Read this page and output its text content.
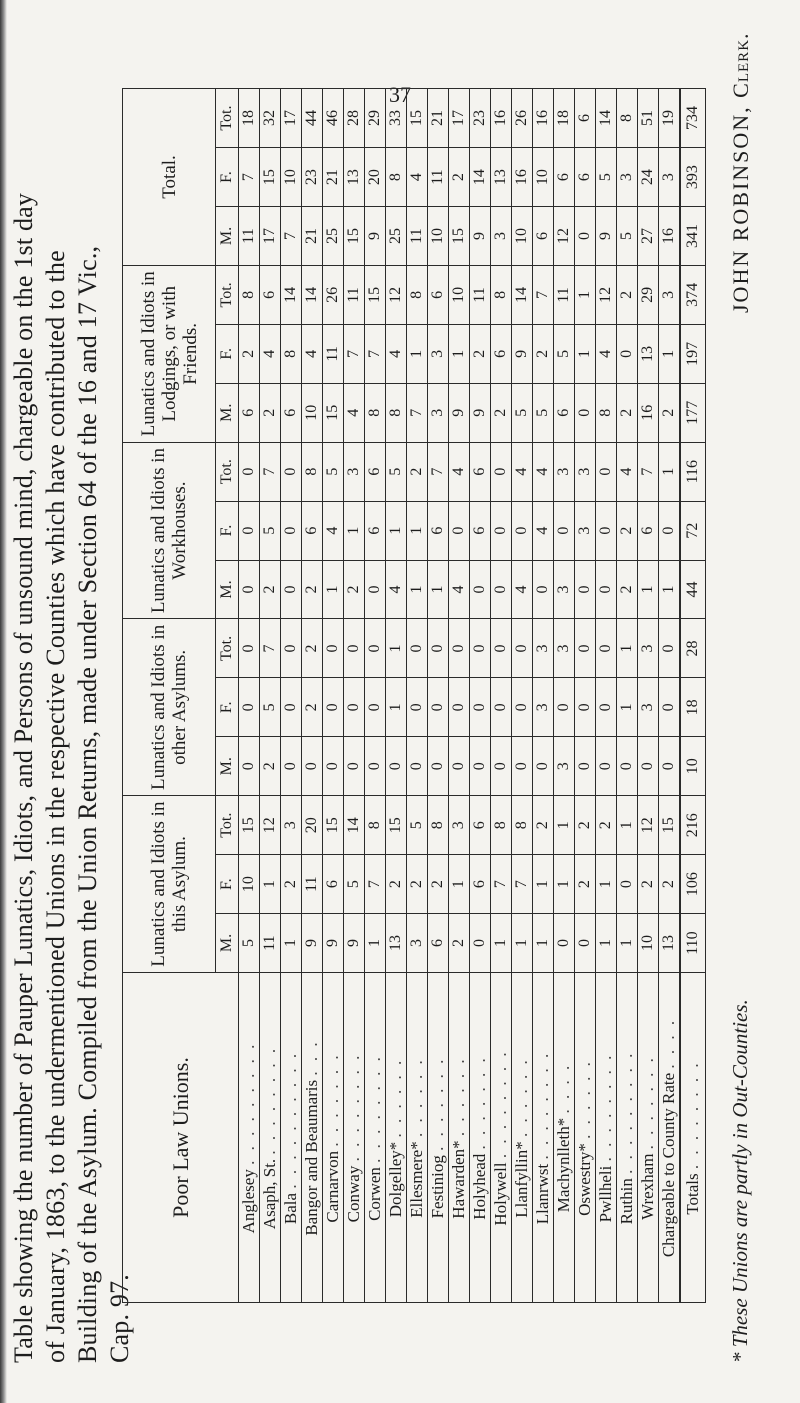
37
Table showing the number of Pauper Lunatics, Idiots, and Persons of unsound mind, chargeable on the 1st day of January, 1863, to the undermentioned Unions in the respective Counties which have contributed to the Building of the Asylum. Compiled from the Union Returns, made under Section 64 of the 16 and 17 Vic., Cap. 97.
Poor Law Unions.	Lunatics and Idiots in this Asylum.			Lunatics and Idiots in other Asylums.			Lunatics and Idiots in Workhouses.			Lunatics and Idiots in Lodgings, or with Friends.			Total.		
	M.	F.	Tot.	M.	F.	Tot.	M.	F.	Tot.	M.	F.	Tot.	M.	F.	Tot.
Anglesey . . . . . . . . .	5	10	15	0	0	0	0	0	0	6	2	8	11	7	18
Asaph, St. . . . . . . . .	11	1	12	2	5	7	2	5	7	2	4	6	17	15	32
Bala . . . . . . . . . .	1	2	3	0	0	0	0	0	0	6	8	14	7	10	17
Bangor and Beaumaris . . .	9	11	20	0	2	2	2	6	8	10	4	14	21	23	44
Carnarvon . . . . . . .	9	6	15	0	0	0	1	4	5	15	11	26	25	21	46
Conway . . . . . . . .	9	5	14	0	0	0	2	1	3	4	7	11	15	13	28
Corwen . . . . . . . .	1	7	8	0	0	0	0	6	6	8	7	15	9	20	29
Dolgelley* . . . . . .	13	2	15	0	1	1	4	1	5	8	4	12	25	8	33
Ellesmere* . . . . . .	3	2	5	0	0	0	1	1	2	7	1	8	11	4	15
Festiniog . . . . . . .	6	2	8	0	0	0	1	6	7	3	3	6	10	11	21
Hawarden* . . . . . .	2	1	3	0	0	0	4	0	4	9	1	10	15	2	17
Holyhead . . . . . . .	0	6	6	0	0	0	0	6	6	9	2	11	9	14	23
Holywell . . . . . . . .	1	7	8	0	0	0	0	0	0	2	6	8	3	13	16
Llanfyllin* . . . . . .	1	7	8	0	0	0	4	0	4	5	9	14	10	16	26
Llanrwst . . . . . . . .	1	1	2	0	3	3	0	4	4	5	2	7	6	10	16
Machynlleth* . . . .	0	1	1	3	0	3	3	0	3	6	5	11	12	6	18
Oswestry* . . . . . .	0	2	2	0	0	0	0	3	3	0	1	1	0	6	6
Pwllheli . . . . . . . .	1	1	2	0	0	0	0	0	0	8	4	12	9	5	14
Ruthin . . . . . . . . .	1	0	1	0	1	1	2	2	4	2	0	2	5	3	8
Wrexham . . . . . . .	10	2	12	0	3	3	1	6	7	16	13	29	27	24	51
Chargeable to County Rate . . . .	13	2	15	0	0	0	1	0	1	2	1	3	16	3	19
Totals . . . . . . . .	110	106	216	10	18	28	44	72	116	177	197	374	341	393	734
* These Unions are partly in Out-Counties.
JOHN ROBINSON, Clerk.
